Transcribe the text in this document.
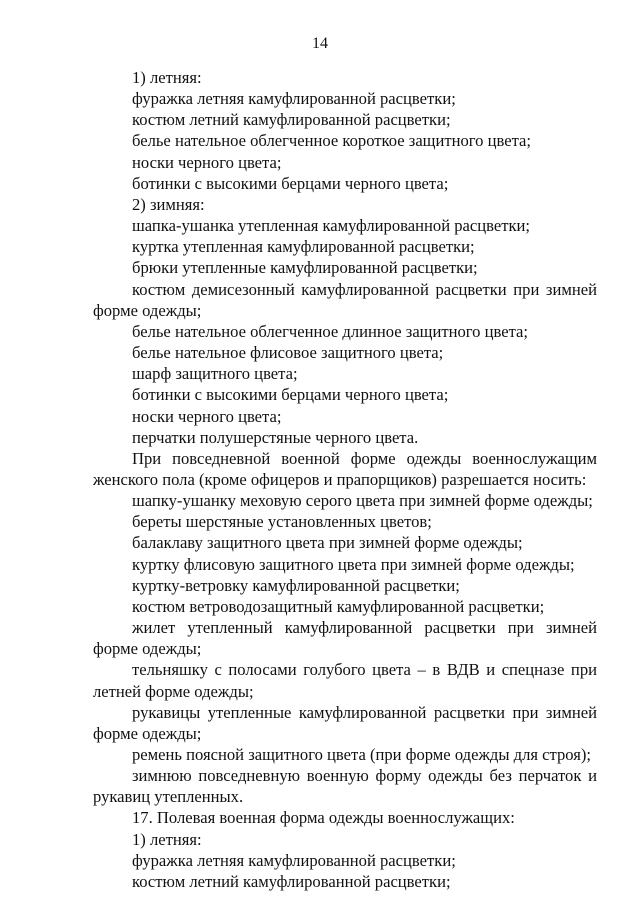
14

1) летняя:

фуражка летняя камуфлированной расцветки;

костюм летний камуфлированной расцветки;

белье нательное облегченное короткое защитного цвета;

носки черного цвета;

ботинки с высокими берцами черного цвета;

2) зимняя:

шапка-ушанка утепленная камуфлированной расцветки;

куртка утепленная камуфлированной расцветки;

брюки утепленные камуфлированной расцветки;

костюм демисезонный камуфлированной расцветки при зимней форме одежды;

белье нательное облегченное длинное защитного цвета;

белье нательное флисовое защитного цвета;

шарф защитного цвета;

ботинки с высокими берцами черного цвета;

носки черного цвета;

перчатки полушерстяные черного цвета.

При повседневной военной форме одежды военнослужащим женского пола (кроме офицеров и прапорщиков) разрешается носить:

шапку-ушанку меховую серого цвета при зимней форме одежды;

береты шерстяные установленных цветов;

балаклаву защитного цвета при зимней форме одежды;

куртку флисовую защитного цвета при зимней форме одежды;

куртку-ветровку камуфлированной расцветки;

костюм ветроводозащитный камуфлированной расцветки;

жилет утепленный камуфлированной расцветки при зимней форме одежды;

тельняшку с полосами голубого цвета – в ВДВ и спецназе при летней форме одежды;

рукавицы утепленные камуфлированной расцветки при зимней форме одежды;

ремень поясной защитного цвета (при форме одежды для строя);

зимнюю повседневную военную форму одежды без перчаток и рукавиц утепленных.

17. Полевая военная форма одежды военнослужащих:

1) летняя:

фуражка летняя камуфлированной расцветки;

костюм летний камуфлированной расцветки;
